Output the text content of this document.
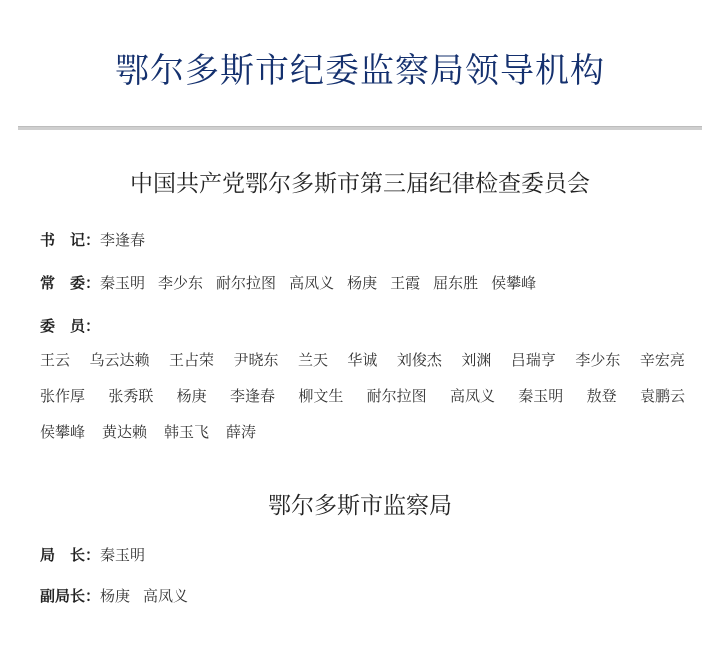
鄂尔多斯市纪委监察局领导机构
中国共产党鄂尔多斯市第三届纪律检查委员会
书　记：李逢春
常　委：秦玉明 李少东 耐尔拉图 高凤义 杨庚 王霞 屈东胜 侯攀峰
委　员：
王云 乌云达赖 王占荣 尹晓东 兰天 华诚 刘俊杰 刘渊 吕瑞亨 李少东 辛宏亮
张作厚 张秀联 杨庚 李逢春 柳文生 耐尔拉图 高凤义 秦玉明 敖登 袁鹏云
侯攀峰 黄达赖 韩玉飞 薛涛
鄂尔多斯市监察局
局　长：秦玉明
副局长：杨庚 高凤义
